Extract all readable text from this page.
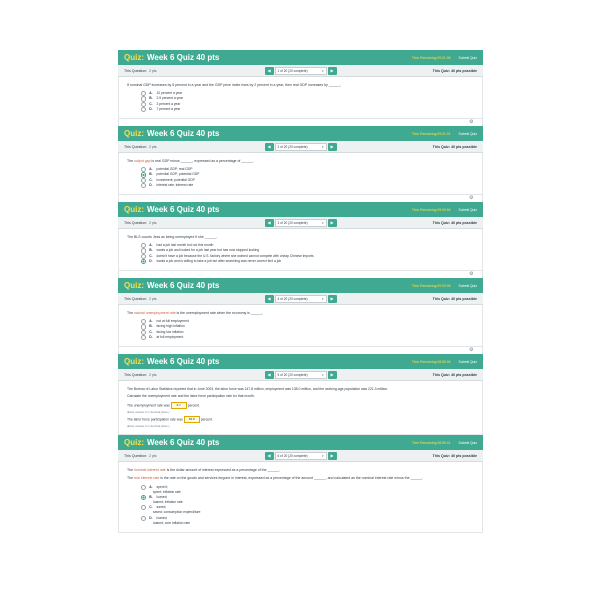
Quiz: Week 6 Quiz 40 pts	Time Remaining:09:01:08 Submit Quiz
This Question: 2 pts	◀	1 of 20 (20 complete)	▾	▶	This Quiz: 40 pts possible
If nominal GDP increases by 5 percent in a year and the GDP price index rises by 2 percent in a year, then real GDP increases by ______.
A. 10 percent a year
B. 2.5 percent a year
C. 3 percent a year
D. 7 percent a year
⚙
Quiz: Week 6 Quiz 40 pts	Time Remaining:09:01:01 Submit Quiz
This Question: 2 pts	◀	2 of 20 (20 complete)	▾	▶	This Quiz: 40 pts possible
The output gap is real GDP minus ______, expressed as a percentage of ______.
A. potential GDP; real GDP
B. potential GDP; potential GDP
C. investment; potential GDP
D. interest rate; interest rate
⚙
Quiz: Week 6 Quiz 40 pts	Time Remaining:09:00:54 Submit Quiz
This Question: 2 pts	◀	3 of 20 (20 complete)	▾	▶	This Quiz: 40 pts possible
The BLS counts Jess as being unemployed if she ______.
A. had a job last month but not this month
B. wants a job and looked for a job last year but has now stopped looking
C. doesn't have a job because the U.S. factory where she worked cannot compete with cheap Chinese imports
D. wants a job and is willing to take a job but after searching was never correct find a job
⚙
Quiz: Week 6 Quiz 40 pts	Time Remaining:09:00:06 Submit Quiz
This Question: 2 pts	◀	4 of 20 (20 complete)	▾	▶	This Quiz: 40 pts possible
The natural unemployment rate is the unemployment rate when the economy is ______.
A. not at full employment
B. facing high inflation
C. facing low inflation
D. at full employment
⚙
Quiz: Week 6 Quiz 40 pts	Time Remaining:08:55:06 Submit Quiz
This Question: 2 pts	◀	5 of 20 (20 complete)	▾	▶	This Quiz: 40 pts possible
The Bureau of Labor Statistics reported that in June 2003, the labor force was 147.8 million, employment was 138.0 million, and the working-age population was 221.3 million.
Calculate the unemployment rate and the labor force participation rate for that month.
The unemployment rate was 6.7 percent.
(Enter answer to 1 decimal place.)
The labor force participation rate was 66.8 percent.
(Enter answer to 1 decimal place.)
Quiz: Week 6 Quiz 40 pts	Time Remaining:08:55:01 Submit Quiz
This Question: 2 pts	◀	6 of 20 (20 complete)	▾	▶	This Quiz: 40 pts possible
The nominal interest rate is the dollar amount of interest expressed as a percentage of the ______.
The real interest rate is the rate on the goods and services forgone in interest, expressed as a percentage of the amount ______, and calculated as the nominal interest rate minus the ______.
A. spent it;
spent; inflation rate
B. loaned;
loaned; inflation rate
C. saved;
saved; consumption expenditure
D. loaned;
loaned; core inflation rate
